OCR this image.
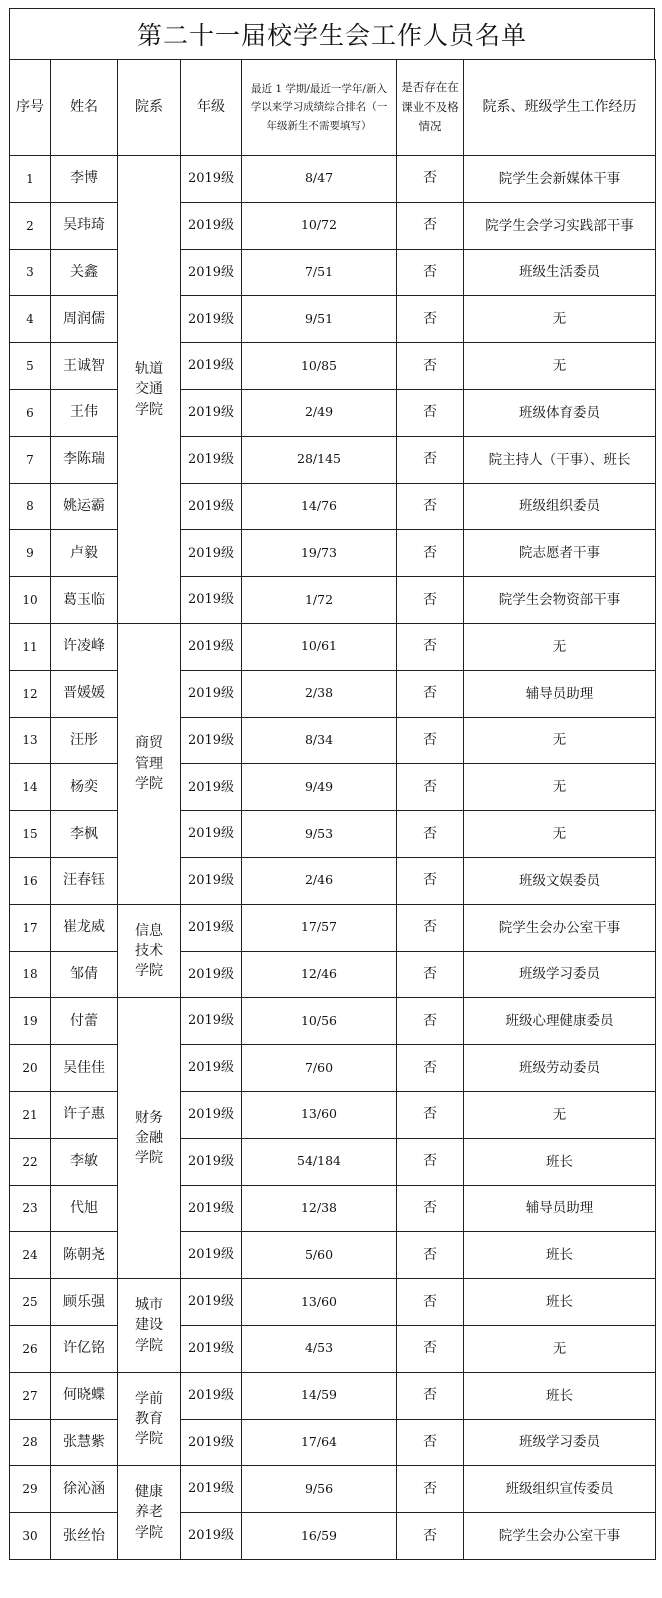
第二十一届校学生会工作人员名单
序号	姓名	院系	年级	最近 1 学期/最近一学年/新入学以来学习成绩综合排名（一年级新生不需要填写）	是否存在在课业不及格情况	院系、班级学生工作经历
1	李博	轨道交通学院	2019级	8/47	否	院学生会新媒体干事
2	吴玮琦		2019级	10/72	否	院学生会学习实践部干事
3	关鑫		2019级	7/51	否	班级生活委员
4	周润儒		2019级	9/51	否	无
5	王诚智		2019级	10/85	否	无
6	王伟		2019级	2/49	否	班级体育委员
7	李陈瑞		2019级	28/145	否	院主持人（干事）、班长
8	姚运霸		2019级	14/76	否	班级组织委员
9	卢毅		2019级	19/73	否	院志愿者干事
10	葛玉临		2019级	1/72	否	院学生会物资部干事
11	许凌峰	商贸管理学院	2019级	10/61	否	无
12	晋媛媛		2019级	2/38	否	辅导员助理
13	汪彤		2019级	8/34	否	无
14	杨奕		2019级	9/49	否	无
15	李枫		2019级	9/53	否	无
16	汪春钰		2019级	2/46	否	班级文娱委员
17	崔龙威	信息技术学院	2019级	17/57	否	院学生会办公室干事
18	邹倩		2019级	12/46	否	班级学习委员
19	付蕾	财务金融学院	2019级	10/56	否	班级心理健康委员
20	吴佳佳		2019级	7/60	否	班级劳动委员
21	许子惠		2019级	13/60	否	无
22	李敏		2019级	54/184	否	班长
23	代旭		2019级	12/38	否	辅导员助理
24	陈朝尧		2019级	5/60	否	班长
25	顾乐强	城市建设学院	2019级	13/60	否	班长
26	许亿铭		2019级	4/53	否	无
27	何晓蝶	学前教育学院	2019级	14/59	否	班长
28	张慧紫		2019级	17/64	否	班级学习委员
29	徐沁涵	健康养老学院	2019级	9/56	否	班级组织宣传委员
30	张丝怡		2019级	16/59	否	院学生会办公室干事
